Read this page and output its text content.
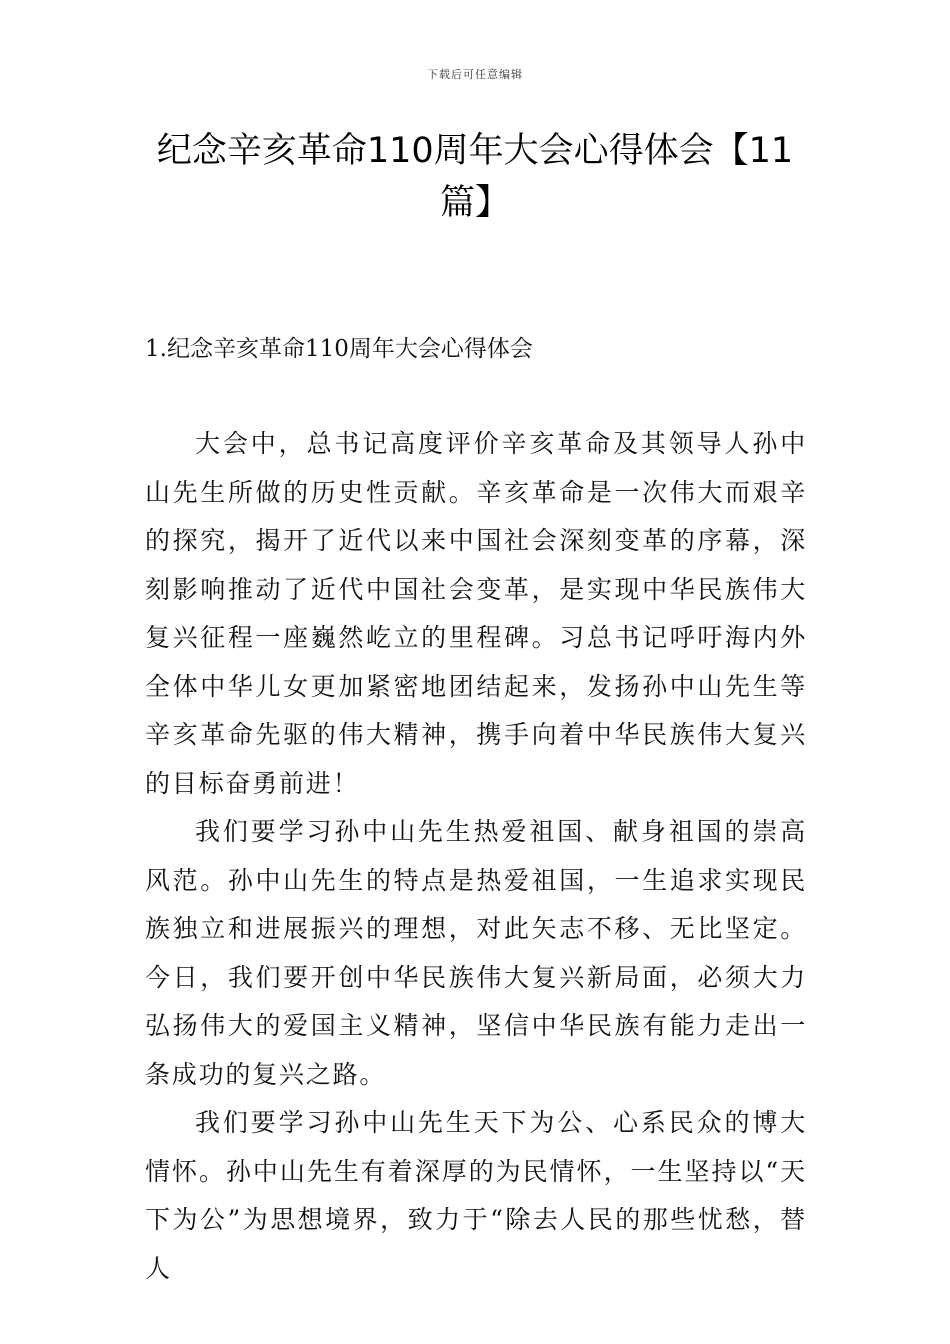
下载后可任意编辑
纪念辛亥革命110周年大会心得体会【11篇】
1.纪念辛亥革命110周年大会心得体会

大会中，总书记高度评价辛亥革命及其领导人孙中山先生所做的历史性贡献。辛亥革命是一次伟大而艰辛的探究，揭开了近代以来中国社会深刻变革的序幕，深刻影响推动了近代中国社会变革，是实现中华民族伟大复兴征程一座巍然屹立的里程碑。习总书记呼吁海内外全体中华儿女更加紧密地团结起来，发扬孙中山先生等辛亥革命先驱的伟大精神，携手向着中华民族伟大复兴的目标奋勇前进！

我们要学习孙中山先生热爱祖国、献身祖国的崇高风范。孙中山先生的特点是热爱祖国，一生追求实现民族独立和进展振兴的理想，对此矢志不移、无比坚定。今日，我们要开创中华民族伟大复兴新局面，必须大力弘扬伟大的爱国主义精神，坚信中华民族有能力走出一条成功的复兴之路。

我们要学习孙中山先生天下为公、心系民众的博大情怀。孙中山先生有着深厚的为民情怀，一生坚持以“天下为公”为思想境界，致力于“除去人民的那些忧愁，替人
